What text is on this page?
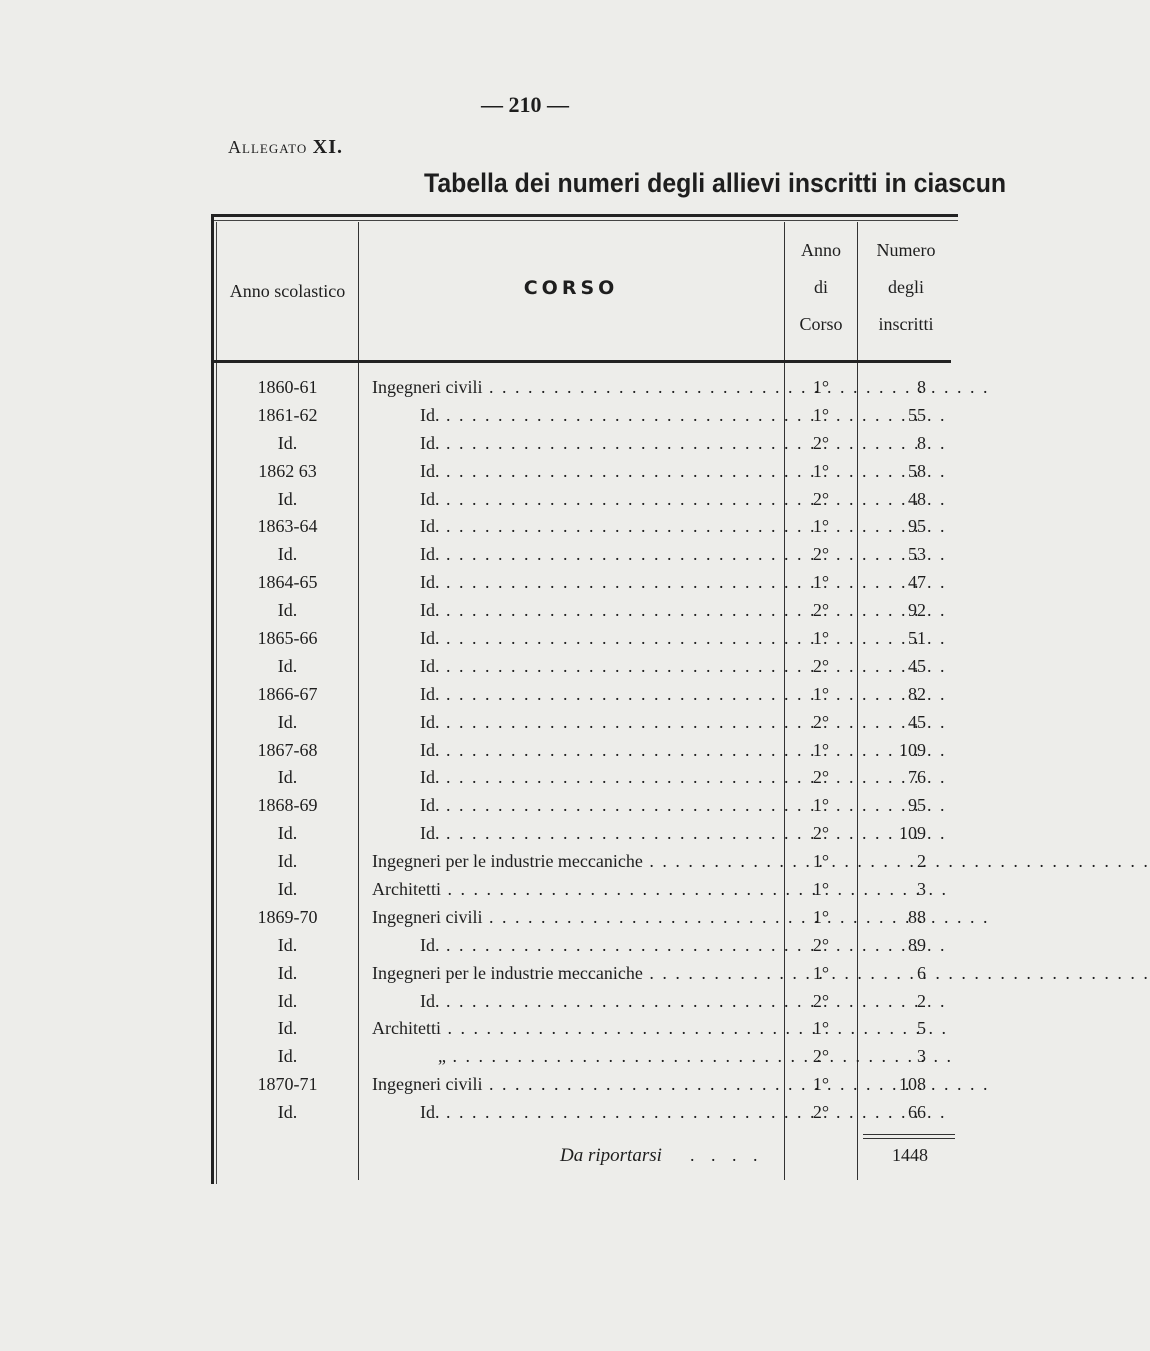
— 210 —
Allegato XI.
Tabella dei numeri degli allievi inscritti in ciascun
Anno scolastico	CORSO
Anno
di
Corso
Numero
degli
inscritti
1860-61	Ingegneri civili . . .	1°	8
1861-62	Id. . . .	1°	55
Id.	Id. . . .	2°	8
1862 63	Id. . . .	1°	58
Id.	Id. . . .	2°	48
1863-64	Id. . . .	1°	95
Id.	Id. . . .	2°	53
1864-65	Id. . . .	1°	47
Id.	Id. . . .	2°	92
1865-66	Id. . . .	1°	51
Id.	Id. . . .	2°	45
1866-67	Id. . . .	1°	82
Id.	Id. . . .	2°	45
1867-68	Id. . . .	1°	109
Id.	Id. . . .	2°	76
1868-69	Id. . . .	1°	95
Id.	Id. . . .	2°	109
Id.	Ingegneri per le industrie meccaniche . . .	1°	2
Id.	Architetti . . .	1°	3
1869-70	Ingegneri civili . . .	1°	88
Id.	Id. . . .	2°	89
Id.	Ingegneri per le industrie meccaniche . . .	1°	6
Id.	Id. . . .	2°	2
Id.	Architetti . . .	1°	5
Id.	„ . . .	2°	3
1870-71	Ingegneri civili . . .	1°	108
Id.	Id. . . .	2°	66
Da riportarsi . . . .	1448
